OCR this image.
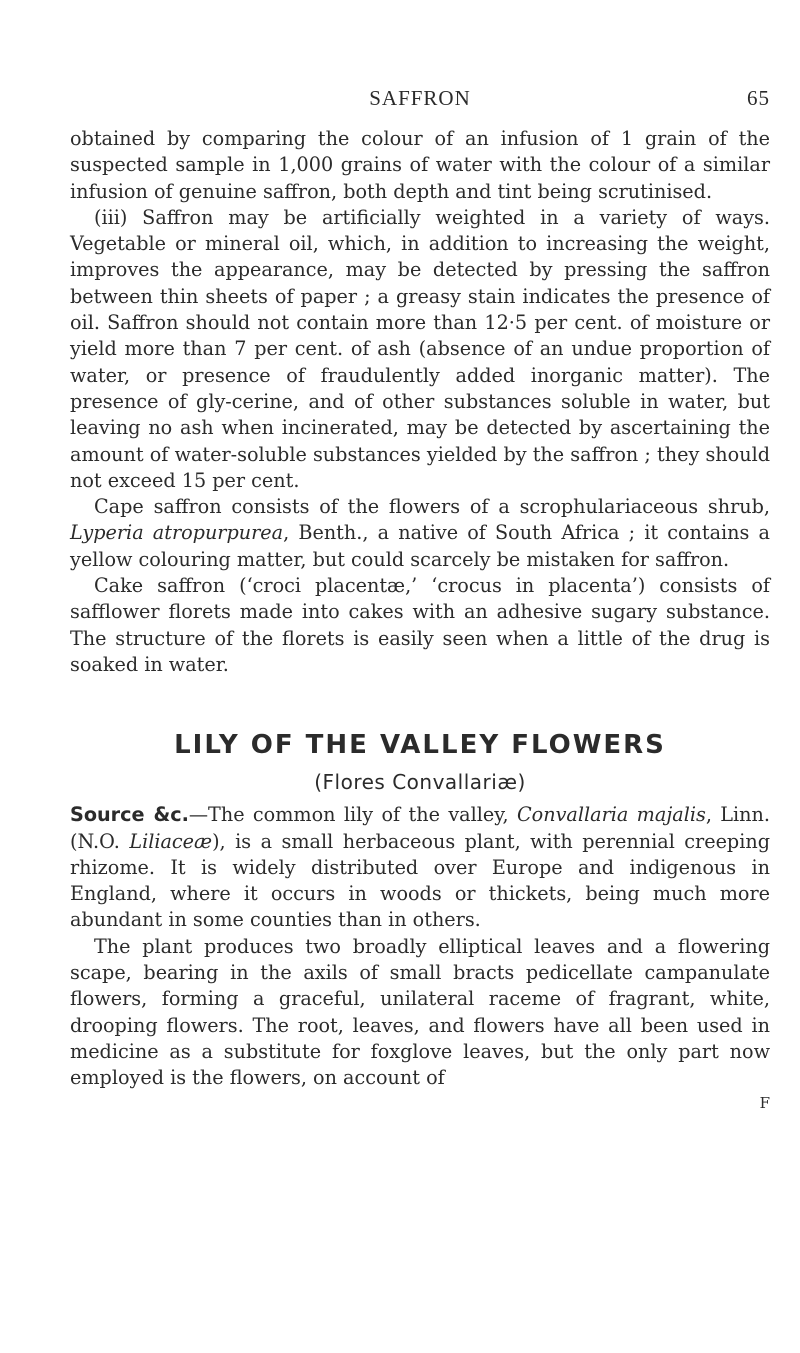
SAFFRON	65

obtained by comparing the colour of an infusion of 1 grain of the suspected sample in 1,000 grains of water with the colour of a similar infusion of genuine saffron, both depth and tint being scrutinised.

(iii) Saffron may be artificially weighted in a variety of ways. Vegetable or mineral oil, which, in addition to increasing the weight, improves the appearance, may be detected by pressing the saffron between thin sheets of paper ; a greasy stain indicates the presence of oil. Saffron should not contain more than 12·5 per cent. of moisture or yield more than 7 per cent. of ash (absence of an undue proportion of water, or presence of fraudulently added inorganic matter). The presence of gly-cerine, and of other substances soluble in water, but leaving no ash when incinerated, may be detected by ascertaining the amount of water-soluble substances yielded by the saffron ; they should not exceed 15 per cent.

Cape saffron consists of the flowers of a scrophulariaceous shrub, Lyperia atropurpurea, Benth., a native of South Africa ; it contains a yellow colouring matter, but could scarcely be mistaken for saffron.

Cake saffron (‘croci placentæ,’ ‘crocus in placenta’) consists of safflower florets made into cakes with an adhesive sugary substance. The structure of the florets is easily seen when a little of the drug is soaked in water.

LILY OF THE VALLEY FLOWERS
(Flores Convallariæ)

Source &c.—The common lily of the valley, Convallaria majalis, Linn. (N.O. Liliaceæ), is a small herbaceous plant, with perennial creeping rhizome. It is widely distributed over Europe and indigenous in England, where it occurs in woods or thickets, being much more abundant in some counties than in others.

The plant produces two broadly elliptical leaves and a flowering scape, bearing in the axils of small bracts pedicellate campanulate flowers, forming a graceful, unilateral raceme of fragrant, white, drooping flowers. The root, leaves, and flowers have all been used in medicine as a substitute for foxglove leaves, but the only part now employed is the flowers, on account of

F
